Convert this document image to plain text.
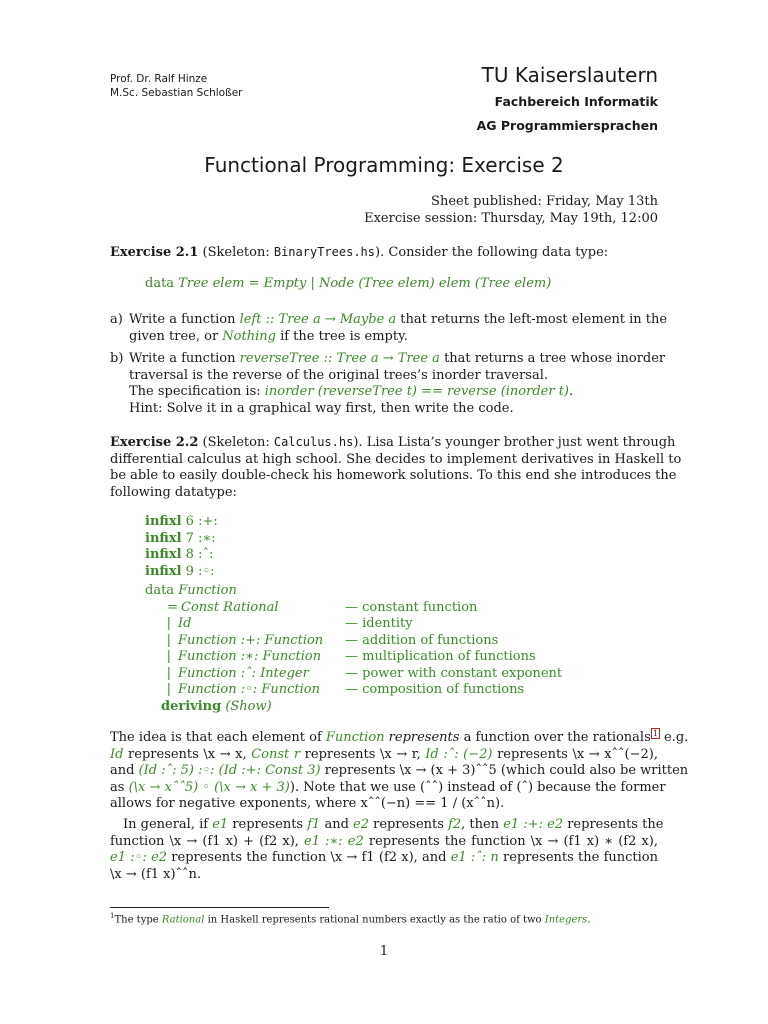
Prof. Dr. Ralf Hinze
M.Sc. Sebastian Schloßer
TU Kaiserslautern
Fachbereich Informatik
AG Programmiersprachen
Functional Programming: Exercise 2
Sheet published: Friday, May 13th
Exercise session: Thursday, May 19th, 12:00
Exercise 2.1 (Skeleton: BinaryTrees.hs). Consider the following data type:
data Tree elem = Empty | Node (Tree elem) elem (Tree elem)
a) Write a function left :: Tree a → Maybe a that returns the left-most element in the
given tree, or Nothing if the tree is empty.
b) Write a function reverseTree :: Tree a → Tree a that returns a tree whose inorder
traversal is the reverse of the original trees’s inorder traversal.
The specification is: inorder (reverseTree t) == reverse (inorder t).
Hint: Solve it in a graphical way first, then write the code.
Exercise 2.2 (Skeleton: Calculus.hs). Lisa Lista’s younger brother just went through
differential calculus at high school. She decides to implement derivatives in Haskell to
be able to easily double-check his homework solutions. To this end she introduces the
following datatype:
infixl 6 :+:
infixl 7 :∗:
infixl 8 :ˆ:
infixl 9 :◦:
data Function
= Const Rational	— constant function
| Id	— identity
| Function :+: Function — addition of functions
| Function :∗: Function — multiplication of functions
| Function :ˆ: Integer	— power with constant exponent
| Function :◦: Function — composition of functions
deriving (Show)
The idea is that each element of Function represents a function over the rationals 1 e.g.
Id represents \x → x, Const r represents \x → r, Id :ˆ: (−2) represents \x → xˆˆ(−2),
and (Id :ˆ: 5) :◦: (Id :+: Const 3) represents \x → (x + 3)ˆˆ5 (which could also be written
as (\x → xˆˆ5) ◦ (\x → x + 3)). Note that we use (ˆˆ) instead of (ˆ) because the former
allows for negative exponents, where xˆˆ(−n) == 1 / (xˆˆn).
In general, if e1 represents f1 and e2 represents f2, then e1 :+: e2 represents the
function \x → (f1 x) + (f2 x), e1 :∗: e2 represents the function \x → (f1 x) ∗ (f2 x),
e1 :◦: e2 represents the function \x → f1 (f2 x), and e1 :ˆ: n represents the function
\x → (f1 x)ˆˆn.
$^1$The type Rational in Haskell represents rational numbers exactly as the ratio of two Integers.
1
